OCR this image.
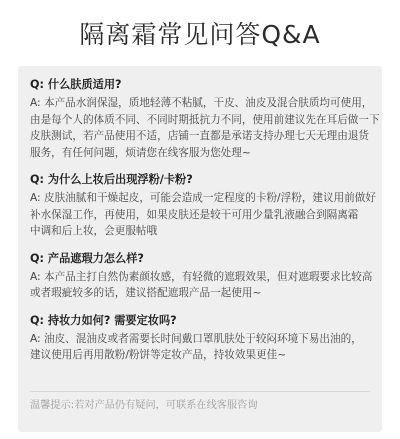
隔离霜常见问答Q&A
Q: 什么肤质适用?
A: 本产品水润保湿，质地轻薄不粘腻，干皮、油皮及混合肤质均可使用，
由是每个人的体质不同、不同时期抵抗力不同，使用前建议先在耳后做一下
皮肤测试，若产品使用不适，店铺一直都是承诺支持办理七天无理由退货
服务，有任何问题，烦请您在线客服为您处理~
Q: 为什么上妆后出现浮粉/卡粉?
A: 皮肤油腻和干燥起皮，可能会造成一定程度的卡粉/浮粉，建议用前做好
补水保湿工作，再使用，如果皮肤还是较干可用少量乳液融合到隔离霜
中调和后上妆，会更服帖哦
Q: 产品遮瑕力怎么样?
A: 本产品主打自然伪素颜妆感，有轻微的遮瑕效果，但对遮瑕要求比较高
或者瑕疵较多的话，建议搭配遮瑕产品一起使用~
Q: 持妆力如何? 需要定妆吗?
A: 油皮、混油皮或者需要长时间戴口罩肌肤处于较闷环境下易出油的，
建议使用后再用散粉/粉饼等定妆产品，持妆效果更佳~
温馨提示:若对产品仍有疑问，可联系在线客服咨询
